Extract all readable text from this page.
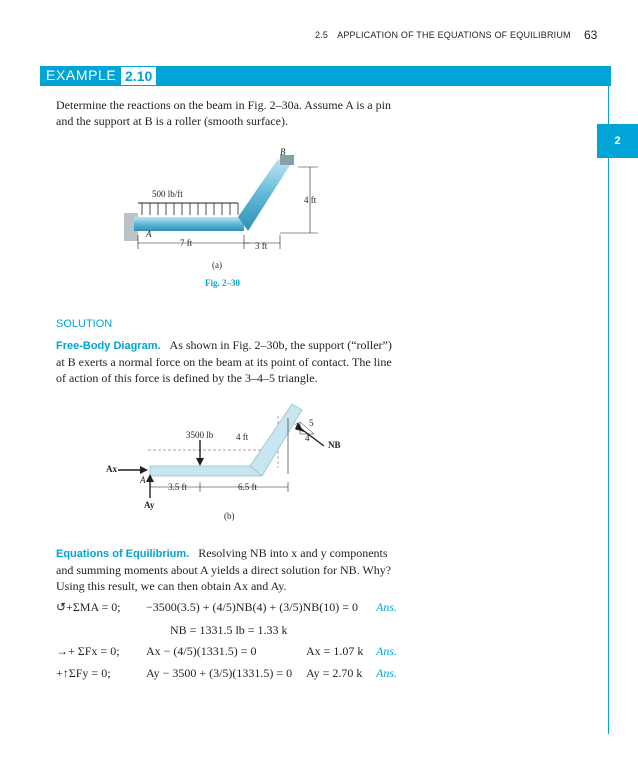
2.5 APPLICATION OF THE EQUATIONS OF EQUILIBRIUM 63
EXAMPLE 2.10
2
Determine the reactions on the beam in Fig. 2–30a. Assume A is a pin
and the support at B is a roller (smooth surface).
500 lb/ft
4 ft
7 ft	3 ft
A
B
(a)
Fig. 2–30
SOLUTION
Free-Body Diagram. As shown in Fig. 2–30b, the support (“roller”)
at B exerts a normal force on the beam at its point of contact. The line
of action of this force is defined by the 3–4–5 triangle.
3500 lb	4 ft
Ax
Ay
NB
A
3.5 ft	6.5 ft
3
4
5
(b)
Equations of Equilibrium. Resolving NB into x and y components
and summing moments about A yields a direct solution for NB. Why?
Using this result, we can then obtain Ax and Ay.
↺+ΣMA = 0; −3500(3.5) + (4/5)NB(4) + (3/5)NB(10) = 0 Ans.
NB = 1331.5 lb = 1.33 k
→+ ΣFx = 0; Ax − (4/5)(1331.5) = 0	Ax = 1.07 k Ans.
+↑ΣFy = 0;	Ay − 3500 + (3/5)(1331.5) = 0 Ay = 2.70 k Ans.
